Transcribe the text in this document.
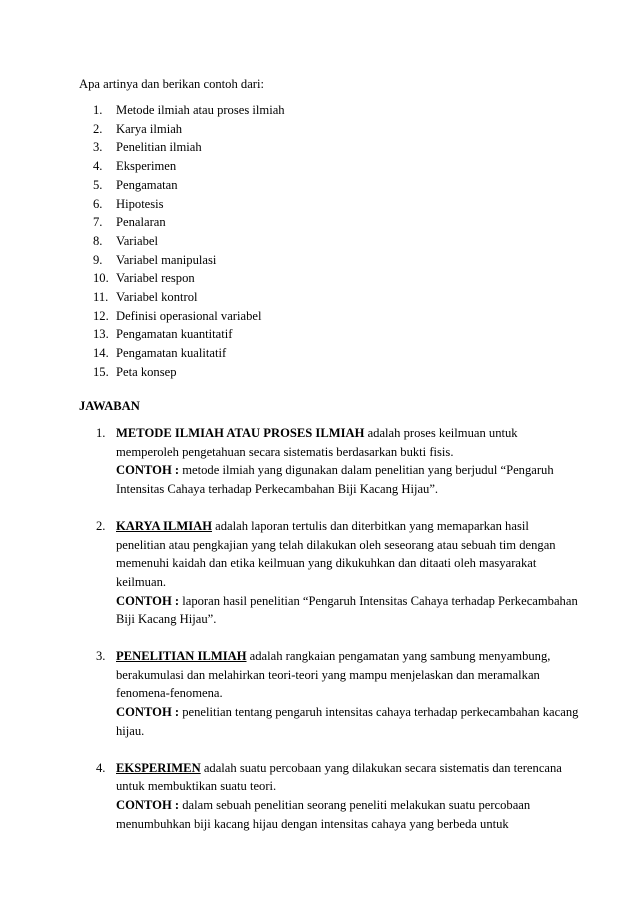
Apa artinya dan berikan contoh dari:

1. Metode ilmiah atau proses ilmiah
2. Karya ilmiah
3. Penelitian ilmiah
4. Eksperimen
5. Pengamatan
6. Hipotesis
7. Penalaran
8. Variabel
9. Variabel manipulasi
10. Variabel respon
11. Variabel kontrol
12. Definisi operasional variabel
13. Pengamatan kuantitatif
14. Pengamatan kualitatif
15. Peta konsep
JAWABAN
1. METODE ILMIAH ATAU PROSES ILMIAH adalah proses keilmuan untuk memperoleh pengetahuan secara sistematis berdasarkan bukti fisis.

CONTOH : metode ilmiah yang digunakan dalam penelitian yang berjudul “Pengaruh Intensitas Cahaya terhadap Perkecambahan Biji Kacang Hijau”.

2. KARYA ILMIAH adalah laporan tertulis dan diterbitkan yang memaparkan hasil penelitian atau pengkajian yang telah dilakukan oleh seseorang atau sebuah tim dengan memenuhi kaidah dan etika keilmuan yang dikukuhkan dan ditaati oleh masyarakat keilmuan.

CONTOH : laporan hasil penelitian “Pengaruh Intensitas Cahaya terhadap Perkecambahan Biji Kacang Hijau”.

3. PENELITIAN ILMIAH adalah rangkaian pengamatan yang sambung menyambung, berakumulasi dan melahirkan teori-teori yang mampu menjelaskan dan meramalkan fenomena-fenomena.

CONTOH : penelitian tentang pengaruh intensitas cahaya terhadap perkecambahan kacang hijau.

4. EKSPERIMEN adalah suatu percobaan yang dilakukan secara sistematis dan terencana untuk membuktikan suatu teori.

CONTOH : dalam sebuah penelitian seorang peneliti melakukan suatu percobaan menumbuhkan biji kacang hijau dengan intensitas cahaya yang berbeda untuk
